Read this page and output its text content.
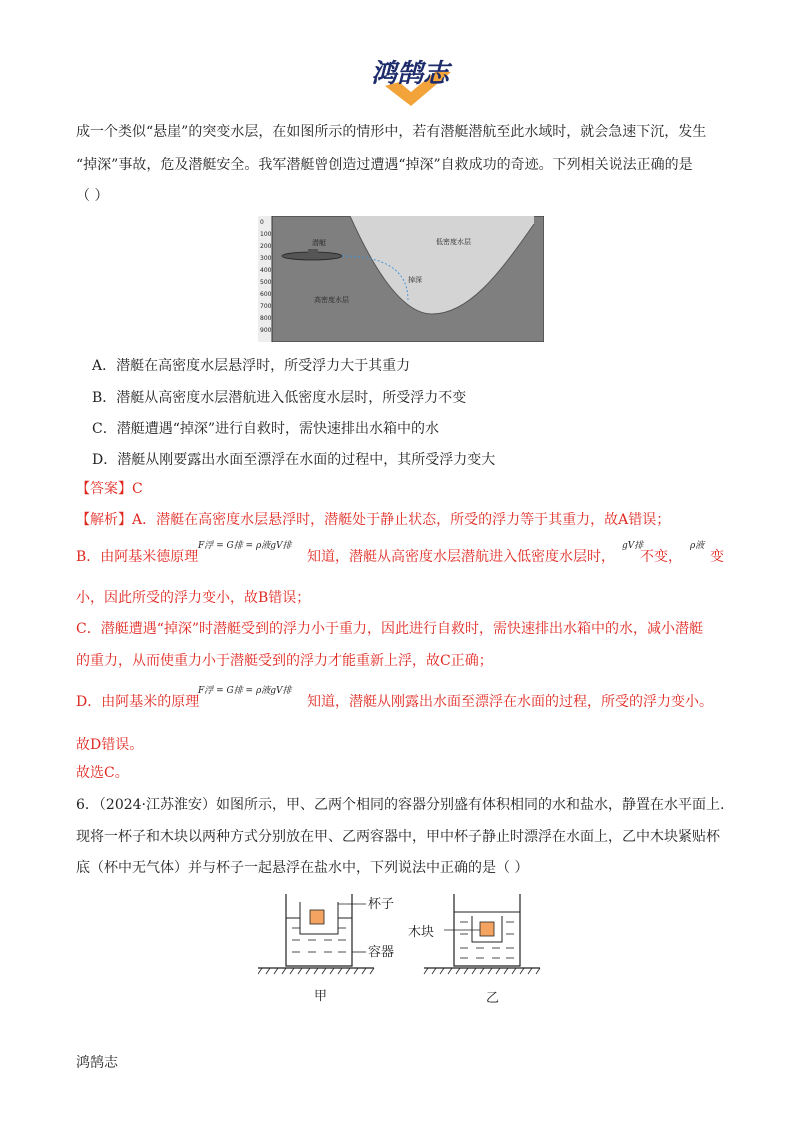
鸿鹄志
成一个类似“悬崖”的突变水层，在如图所示的情形中，若有潜艇潜航至此水域时，就会急速下沉，发生
“掉深”事故，危及潜艇安全。我军潜艇曾创造过遭遇“掉深”自救成功的奇迹。下列相关说法正确的是
（ ）
0
100
200
300
400
500
600
700
800
900
潜艇	低密度水层
掉深
高密度水层
A．潜艇在高密度水层悬浮时，所受浮力大于其重力
B．潜艇从高密度水层潜航进入低密度水层时，所受浮力不变
C．潜艇遭遇“掉深”进行自救时，需快速排出水箱中的水
D．潜艇从刚要露出水面至漂浮在水面的过程中，其所受浮力变大
【答案】C
【解析】A．潜艇在高密度水层悬浮时，潜艇处于静止状态，所受的浮力等于其重力，故A错误；
B．由阿基米德原理
F浮 = G排 = ρ液gV排
知道，潜艇从高密度水层潜航进入低密度水层时，
gV排
不变，
ρ液
变
小，因此所受的浮力变小，故B错误；
C．潜艇遭遇“掉深”时潜艇受到的浮力小于重力，因此进行自救时，需快速排出水箱中的水，减小潜艇
的重力，从而使重力小于潜艇受到的浮力才能重新上浮，故C正确；
D．由阿基米的原理
F浮 = G排 = ρ液gV排
知道，潜艇从刚露出水面至漂浮在水面的过程，所受的浮力变小。
故D错误。
故选C。
6．（2024·江苏淮安）如图所示，甲、乙两个相同的容器分别盛有体积相同的水和盐水，静置在水平面上.
现将一杯子和木块以两种方式分别放在甲、乙两容器中，甲中杯子静止时漂浮在水面上，乙中木块紧贴杯
底（杯中无气体）并与杯子一起悬浮在盐水中，下列说法中正确的是（ ）
杯子
容器
木块
甲	乙
鸿鹄志
